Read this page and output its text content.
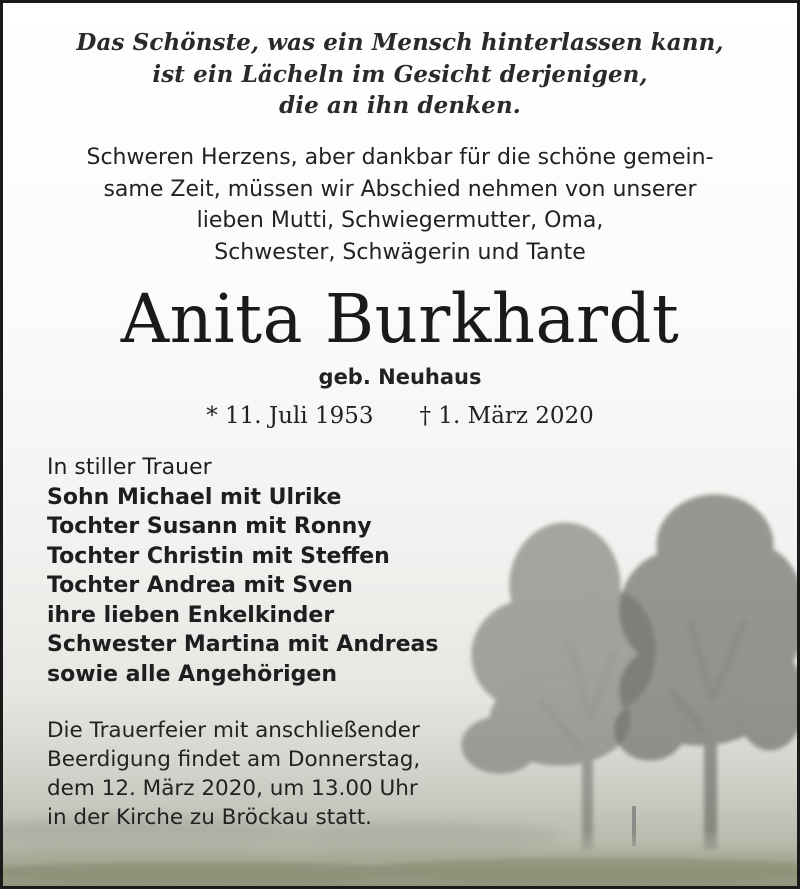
Das Schönste, was ein Mensch hinterlassen kann,
ist ein Lächeln im Gesicht derjenigen,
die an ihn denken.
Schweren Herzens, aber dankbar für die schöne gemein-
same Zeit, müssen wir Abschied nehmen von unserer
lieben Mutti, Schwiegermutter, Oma,
Schwester, Schwägerin und Tante
Anita Burkhardt
geb. Neuhaus
* 11. Juli 1953 † 1. März 2020
In stiller Trauer
Sohn Michael mit Ulrike
Tochter Susann mit Ronny
Tochter Christin mit Steffen
Tochter Andrea mit Sven
ihre lieben Enkelkinder
Schwester Martina mit Andreas
sowie alle Angehörigen
Die Trauerfeier mit anschließender
Beerdigung findet am Donnerstag,
dem 12. März 2020, um 13.00 Uhr
in der Kirche zu Bröckau statt.
